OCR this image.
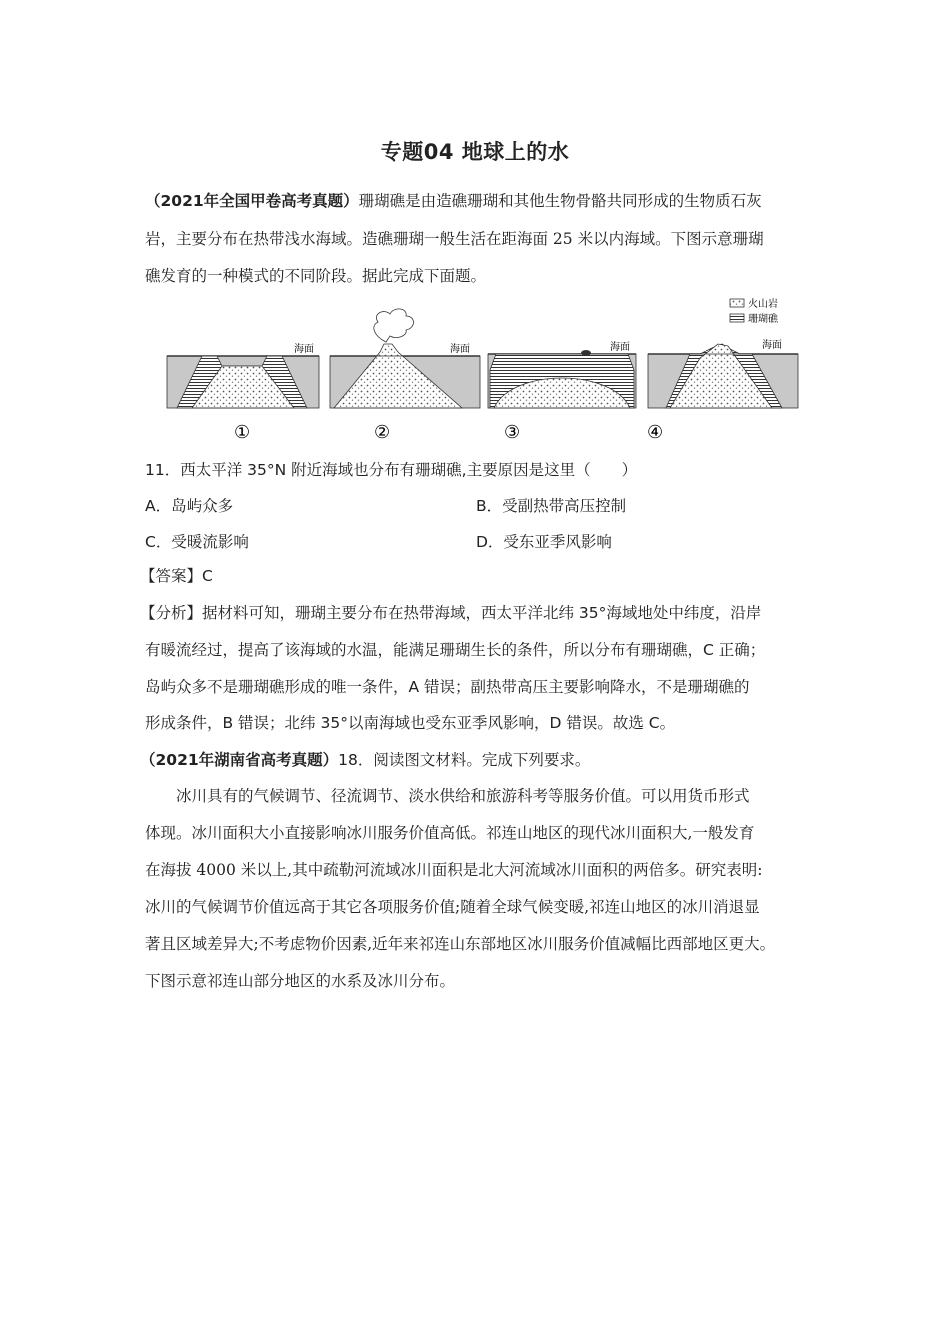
专题04 地球上的水
（2021年全国甲卷高考真题）珊瑚礁是由造礁珊瑚和其他生物骨骼共同形成的生物质石灰
岩，主要分布在热带浅水海域。造礁珊瑚一般生活在距海面 25 米以内海域。下图示意珊瑚
礁发育的一种模式的不同阶段。据此完成下面题。
火山岩
珊瑚礁
海面
①
海面
②
海面
③
海面
④
11．西太平洋 35°N 附近海域也分布有珊瑚礁,主要原因是这里（　　）
A．岛屿众多	B．受副热带高压控制
C．受暖流影响	D．受东亚季风影响
【答案】C
【分析】据材料可知，珊瑚主要分布在热带海域，西太平洋北纬 35°海域地处中纬度，沿岸
有暖流经过，提高了该海域的水温，能满足珊瑚生长的条件，所以分布有珊瑚礁，C 正确；
岛屿众多不是珊瑚礁形成的唯一条件，A 错误；副热带高压主要影响降水，不是珊瑚礁的
形成条件，B 错误；北纬 35°以南海域也受东亚季风影响，D 错误。故选 C。
（2021年湖南省高考真题）18．阅读图文材料。完成下列要求。
冰川具有的气候调节、径流调节、淡水供给和旅游科考等服务价值。可以用货币形式
体现。冰川面积大小直接影响冰川服务价值高低。祁连山地区的现代冰川面积大,一般发育
在海拔 4000 米以上,其中疏勒河流域冰川面积是北大河流域冰川面积的两倍多。研究表明:
冰川的气候调节价值远高于其它各项服务价值;随着全球气候变暖,祁连山地区的冰川消退显
著且区域差异大;不考虑物价因素,近年来祁连山东部地区冰川服务价值减幅比西部地区更大。
下图示意祁连山部分地区的水系及冰川分布。
